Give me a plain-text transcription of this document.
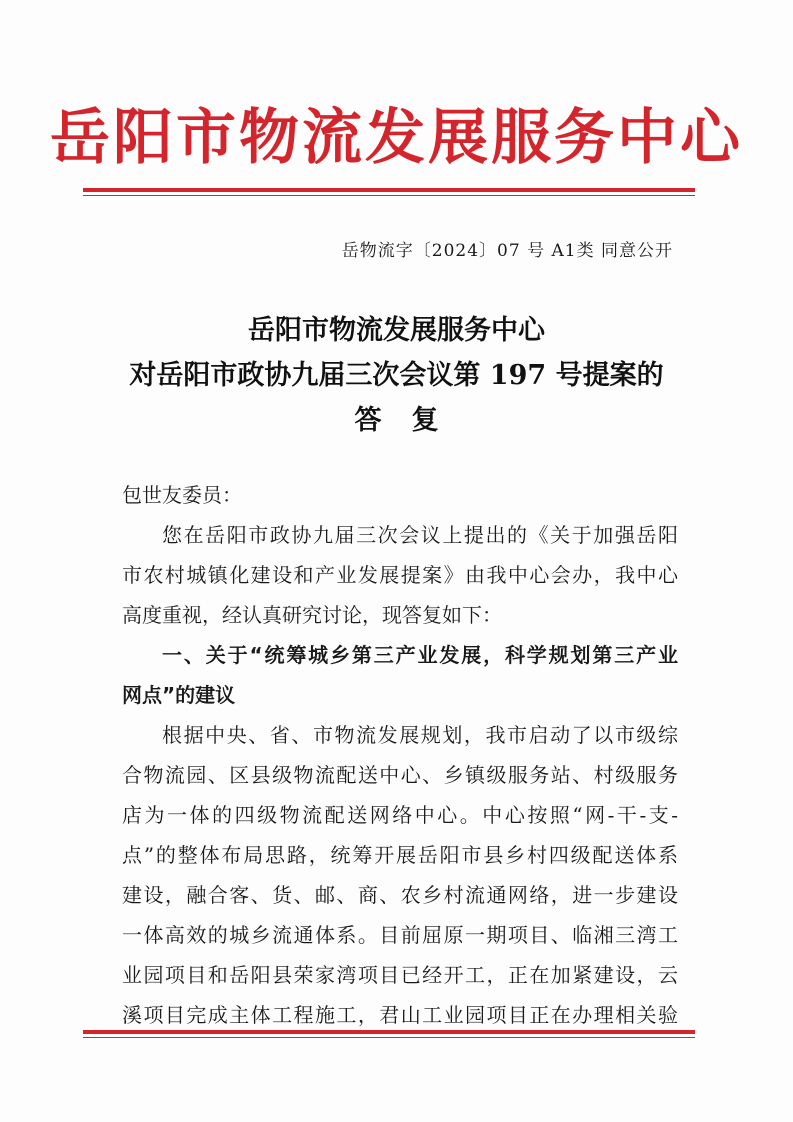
岳阳市物流发展服务中心
岳物流字〔2024〕07 号 A1类 同意公开
岳阳市物流发展服务中心
对岳阳市政协九届三次会议第 197 号提案的
答复
包世友委员：
您在岳阳市政协九届三次会议上提出的《关于加强岳阳
市农村城镇化建设和产业发展提案》由我中心会办，我中心
高度重视，经认真研究讨论，现答复如下：
一、关于“统筹城乡第三产业发展，科学规划第三产业
网点”的建议
根据中央、省、市物流发展规划，我市启动了以市级综
合物流园、区县级物流配送中心、乡镇级服务站、村级服务
店为一体的四级物流配送网络中心。中心按照“网-干-支-
点”的整体布局思路，统筹开展岳阳市县乡村四级配送体系
建设，融合客、货、邮、商、农乡村流通网络，进一步建设
一体高效的城乡流通体系。目前屈原一期项目、临湘三湾工
业园项目和岳阳县荣家湾项目已经开工，正在加紧建设，云
溪项目完成主体工程施工，君山工业园项目正在办理相关验
